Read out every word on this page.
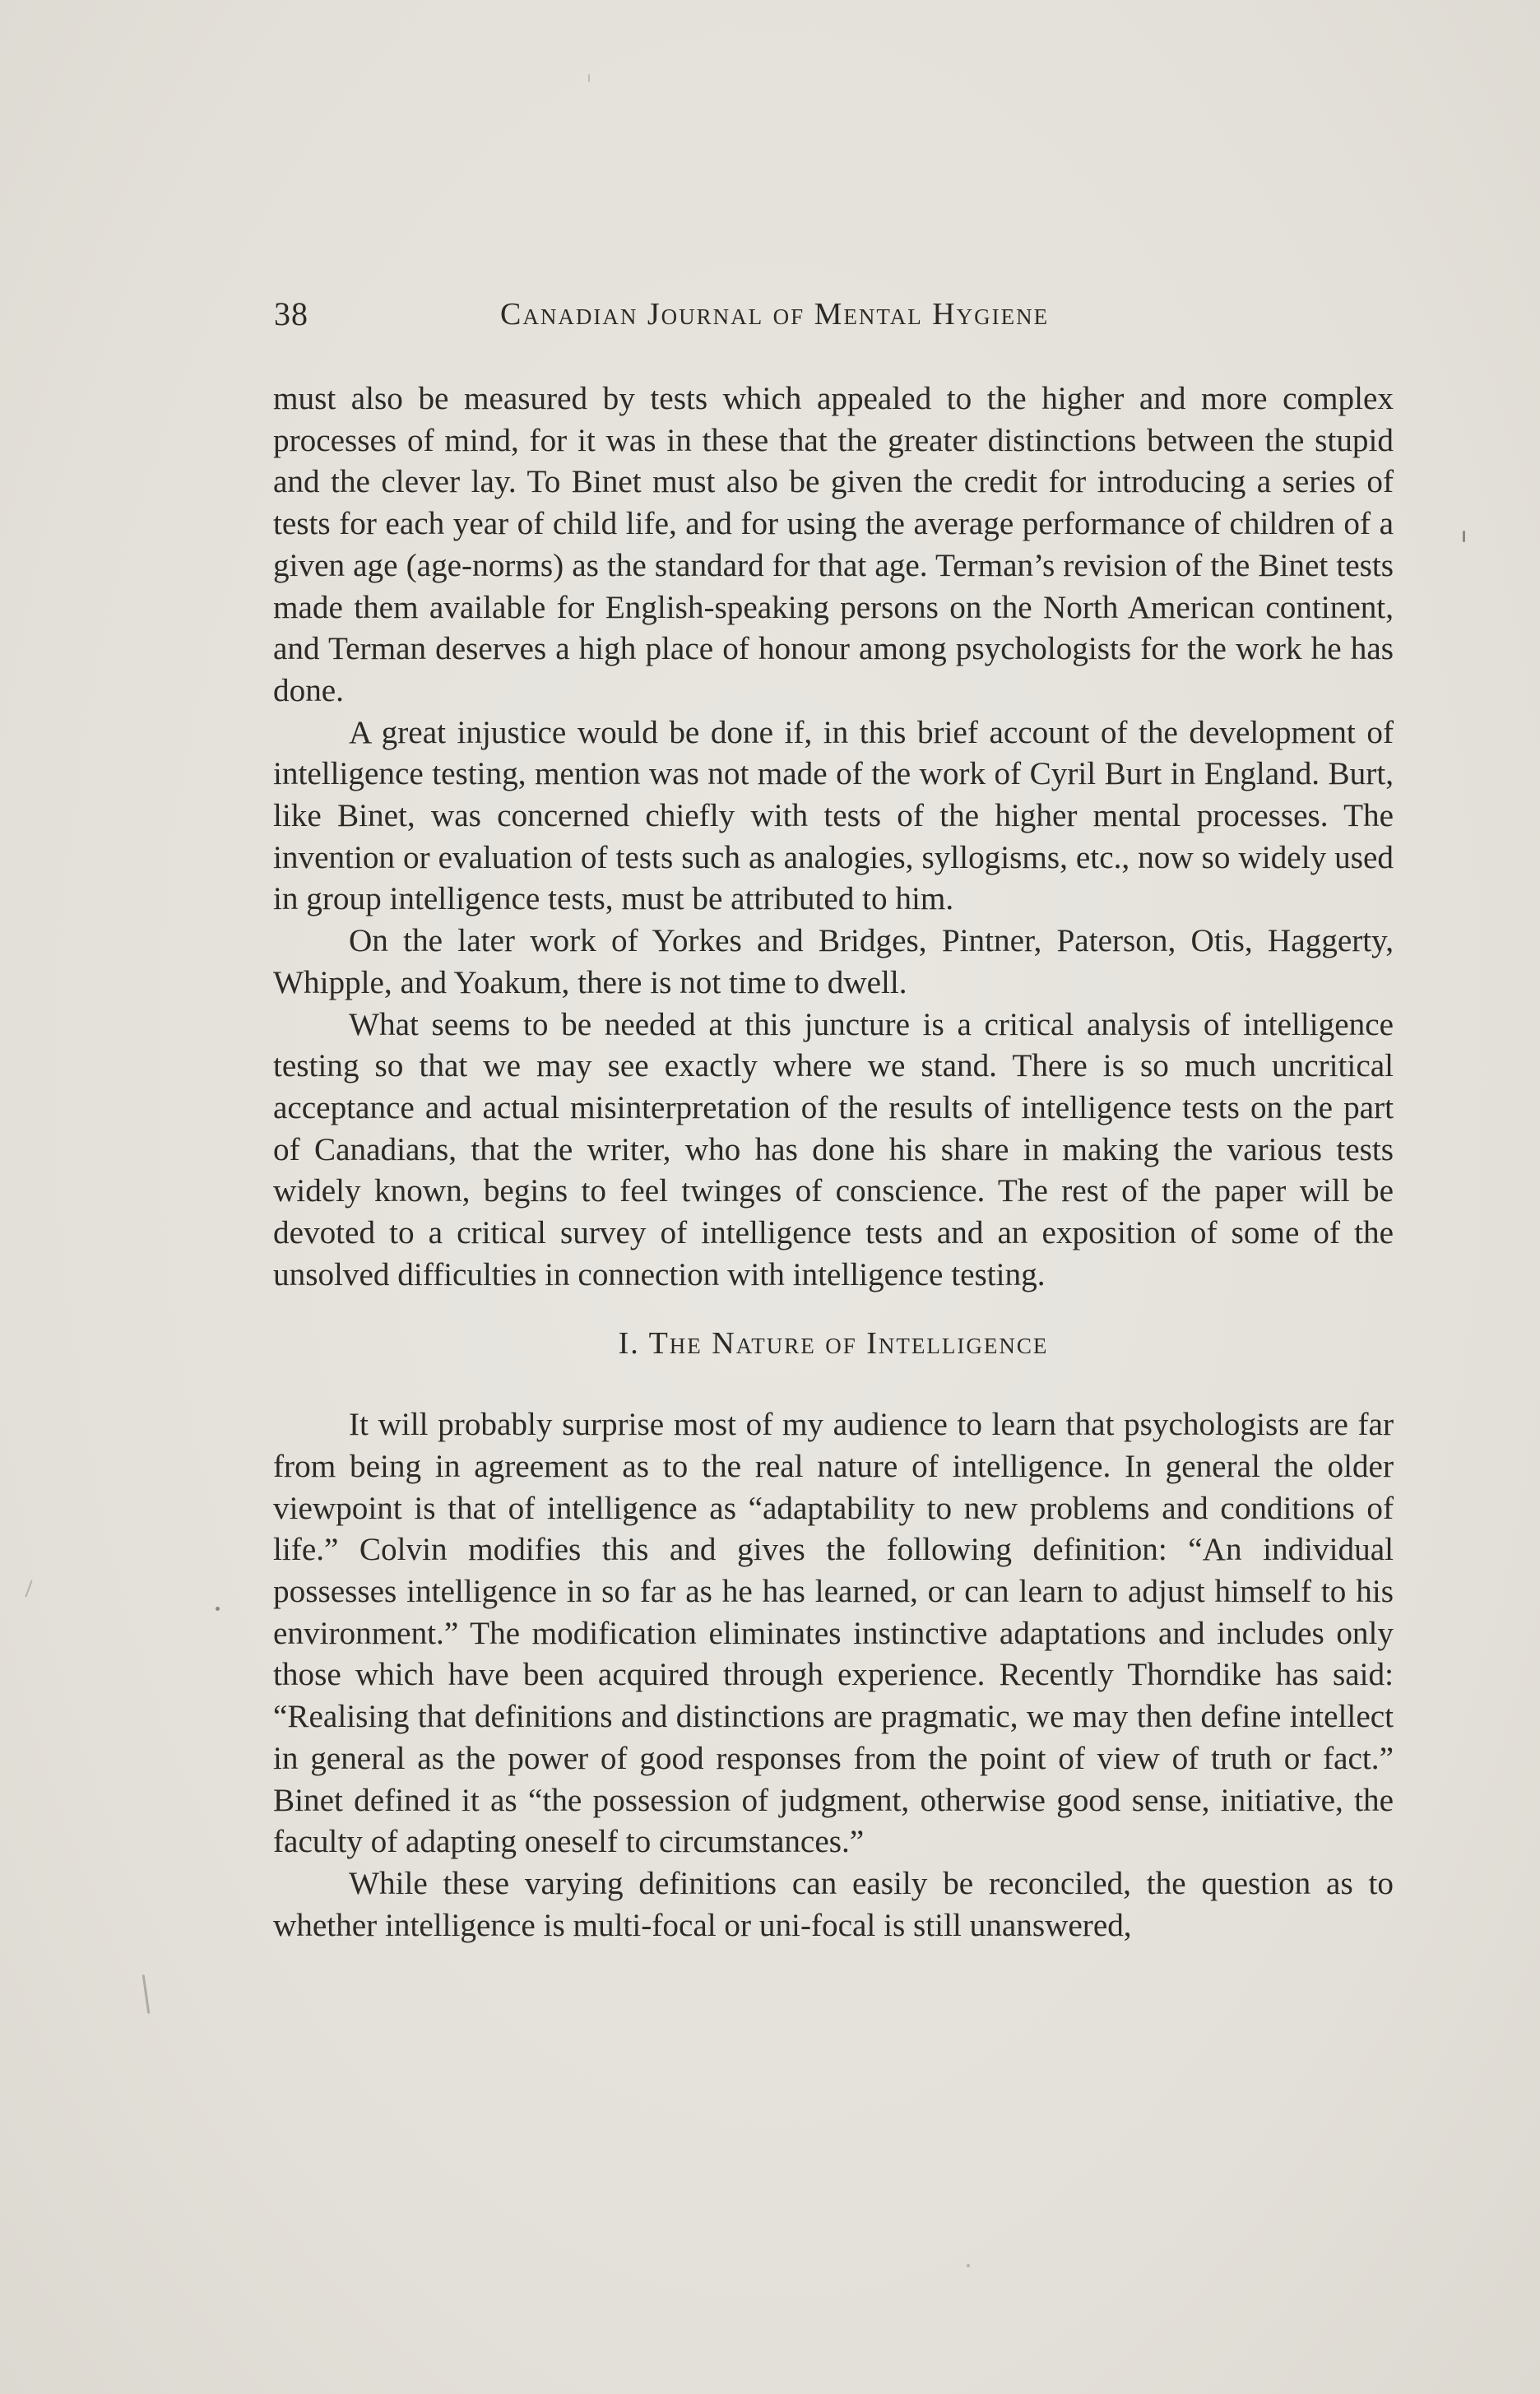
38	Canadian Journal of Mental Hygiene

must also be measured by tests which appealed to the higher and more complex processes of mind, for it was in these that the greater distinctions between the stupid and the clever lay. To Binet must also be given the credit for introducing a series of tests for each year of child life, and for using the average performance of children of a given age (age-norms) as the standard for that age. Terman’s revision of the Binet tests made them available for English-speaking persons on the North American continent, and Terman deserves a high place of honour among psychologists for the work he has done.

A great injustice would be done if, in this brief account of the development of intelligence testing, mention was not made of the work of Cyril Burt in England. Burt, like Binet, was concerned chiefly with tests of the higher mental processes. The invention or evaluation of tests such as analogies, syllogisms, etc., now so widely used in group intelligence tests, must be attributed to him.

On the later work of Yorkes and Bridges, Pintner, Paterson, Otis, Haggerty, Whipple, and Yoakum, there is not time to dwell.

What seems to be needed at this juncture is a critical analysis of intelligence testing so that we may see exactly where we stand. There is so much uncritical acceptance and actual misinterpretation of the results of intelligence tests on the part of Canadians, that the writer, who has done his share in making the various tests widely known, begins to feel twinges of conscience. The rest of the paper will be devoted to a critical survey of intelligence tests and an exposition of some of the unsolved difficulties in connection with intelligence testing.

I. The Nature of Intelligence

It will probably surprise most of my audience to learn that psychologists are far from being in agreement as to the real nature of intelligence. In general the older viewpoint is that of intelligence as “adaptability to new problems and conditions of life.” Colvin modifies this and gives the following definition: “An individual possesses intelligence in so far as he has learned, or can learn to adjust himself to his environment.” The modification eliminates instinctive adaptations and includes only those which have been acquired through experience. Recently Thorndike has said: “Realising that definitions and distinctions are pragmatic, we may then define intellect in general as the power of good responses from the point of view of truth or fact.” Binet defined it as “the possession of judgment, otherwise good sense, initiative, the faculty of adapting oneself to circumstances.”

While these varying definitions can easily be reconciled, the question as to whether intelligence is multi-focal or uni-focal is still unanswered,
